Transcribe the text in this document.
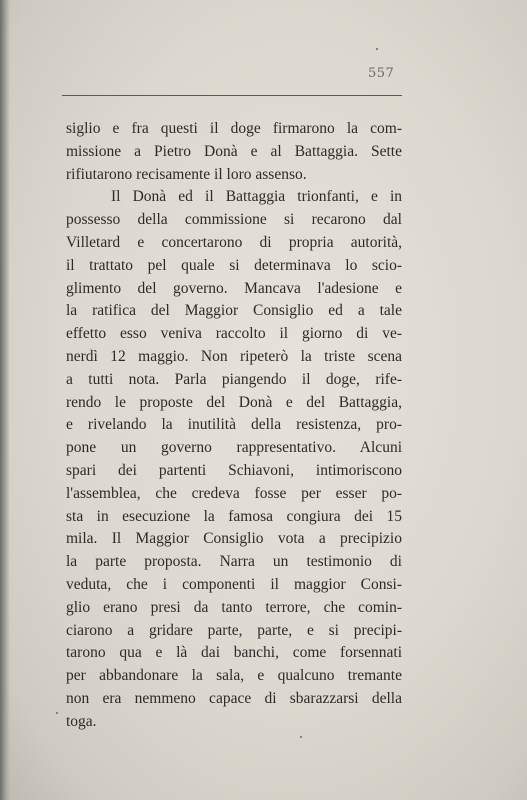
557
siglio e fra questi il doge firmarono la com-
missione a Pietro Donà e al Battaggia. Sette
rifiutarono recisamente il loro assenso.
Il Donà ed il Battaggia trionfanti, e in
possesso della commissione si recarono dal
Villetard e concertarono di propria autorità,
il trattato pel quale si determinava lo scio-
glimento del governo. Mancava l'adesione e
la ratifica del Maggior Consiglio ed a tale
effetto esso veniva raccolto il giorno di ve-
nerdì 12 maggio. Non ripeterò la triste scena
a tutti nota. Parla piangendo il doge, rife-
rendo le proposte del Donà e del Battaggia,
e rivelando la inutilità della resistenza, pro-
pone un governo rappresentativo. Alcuni
spari dei partenti Schiavoni, intimoriscono
l'assemblea, che credeva fosse per esser po-
sta in esecuzione la famosa congiura dei 15
mila. Il Maggior Consiglio vota a precipizio
la parte proposta. Narra un testimonio di
veduta, che i componenti il maggior Consi-
glio erano presi da tanto terrore, che comin-
ciarono a gridare parte, parte, e si precipi-
tarono qua e là dai banchi, come forsennati
per abbandonare la sala, e qualcuno tremante
non era nemmeno capace di sbarazzarsi della
toga.
